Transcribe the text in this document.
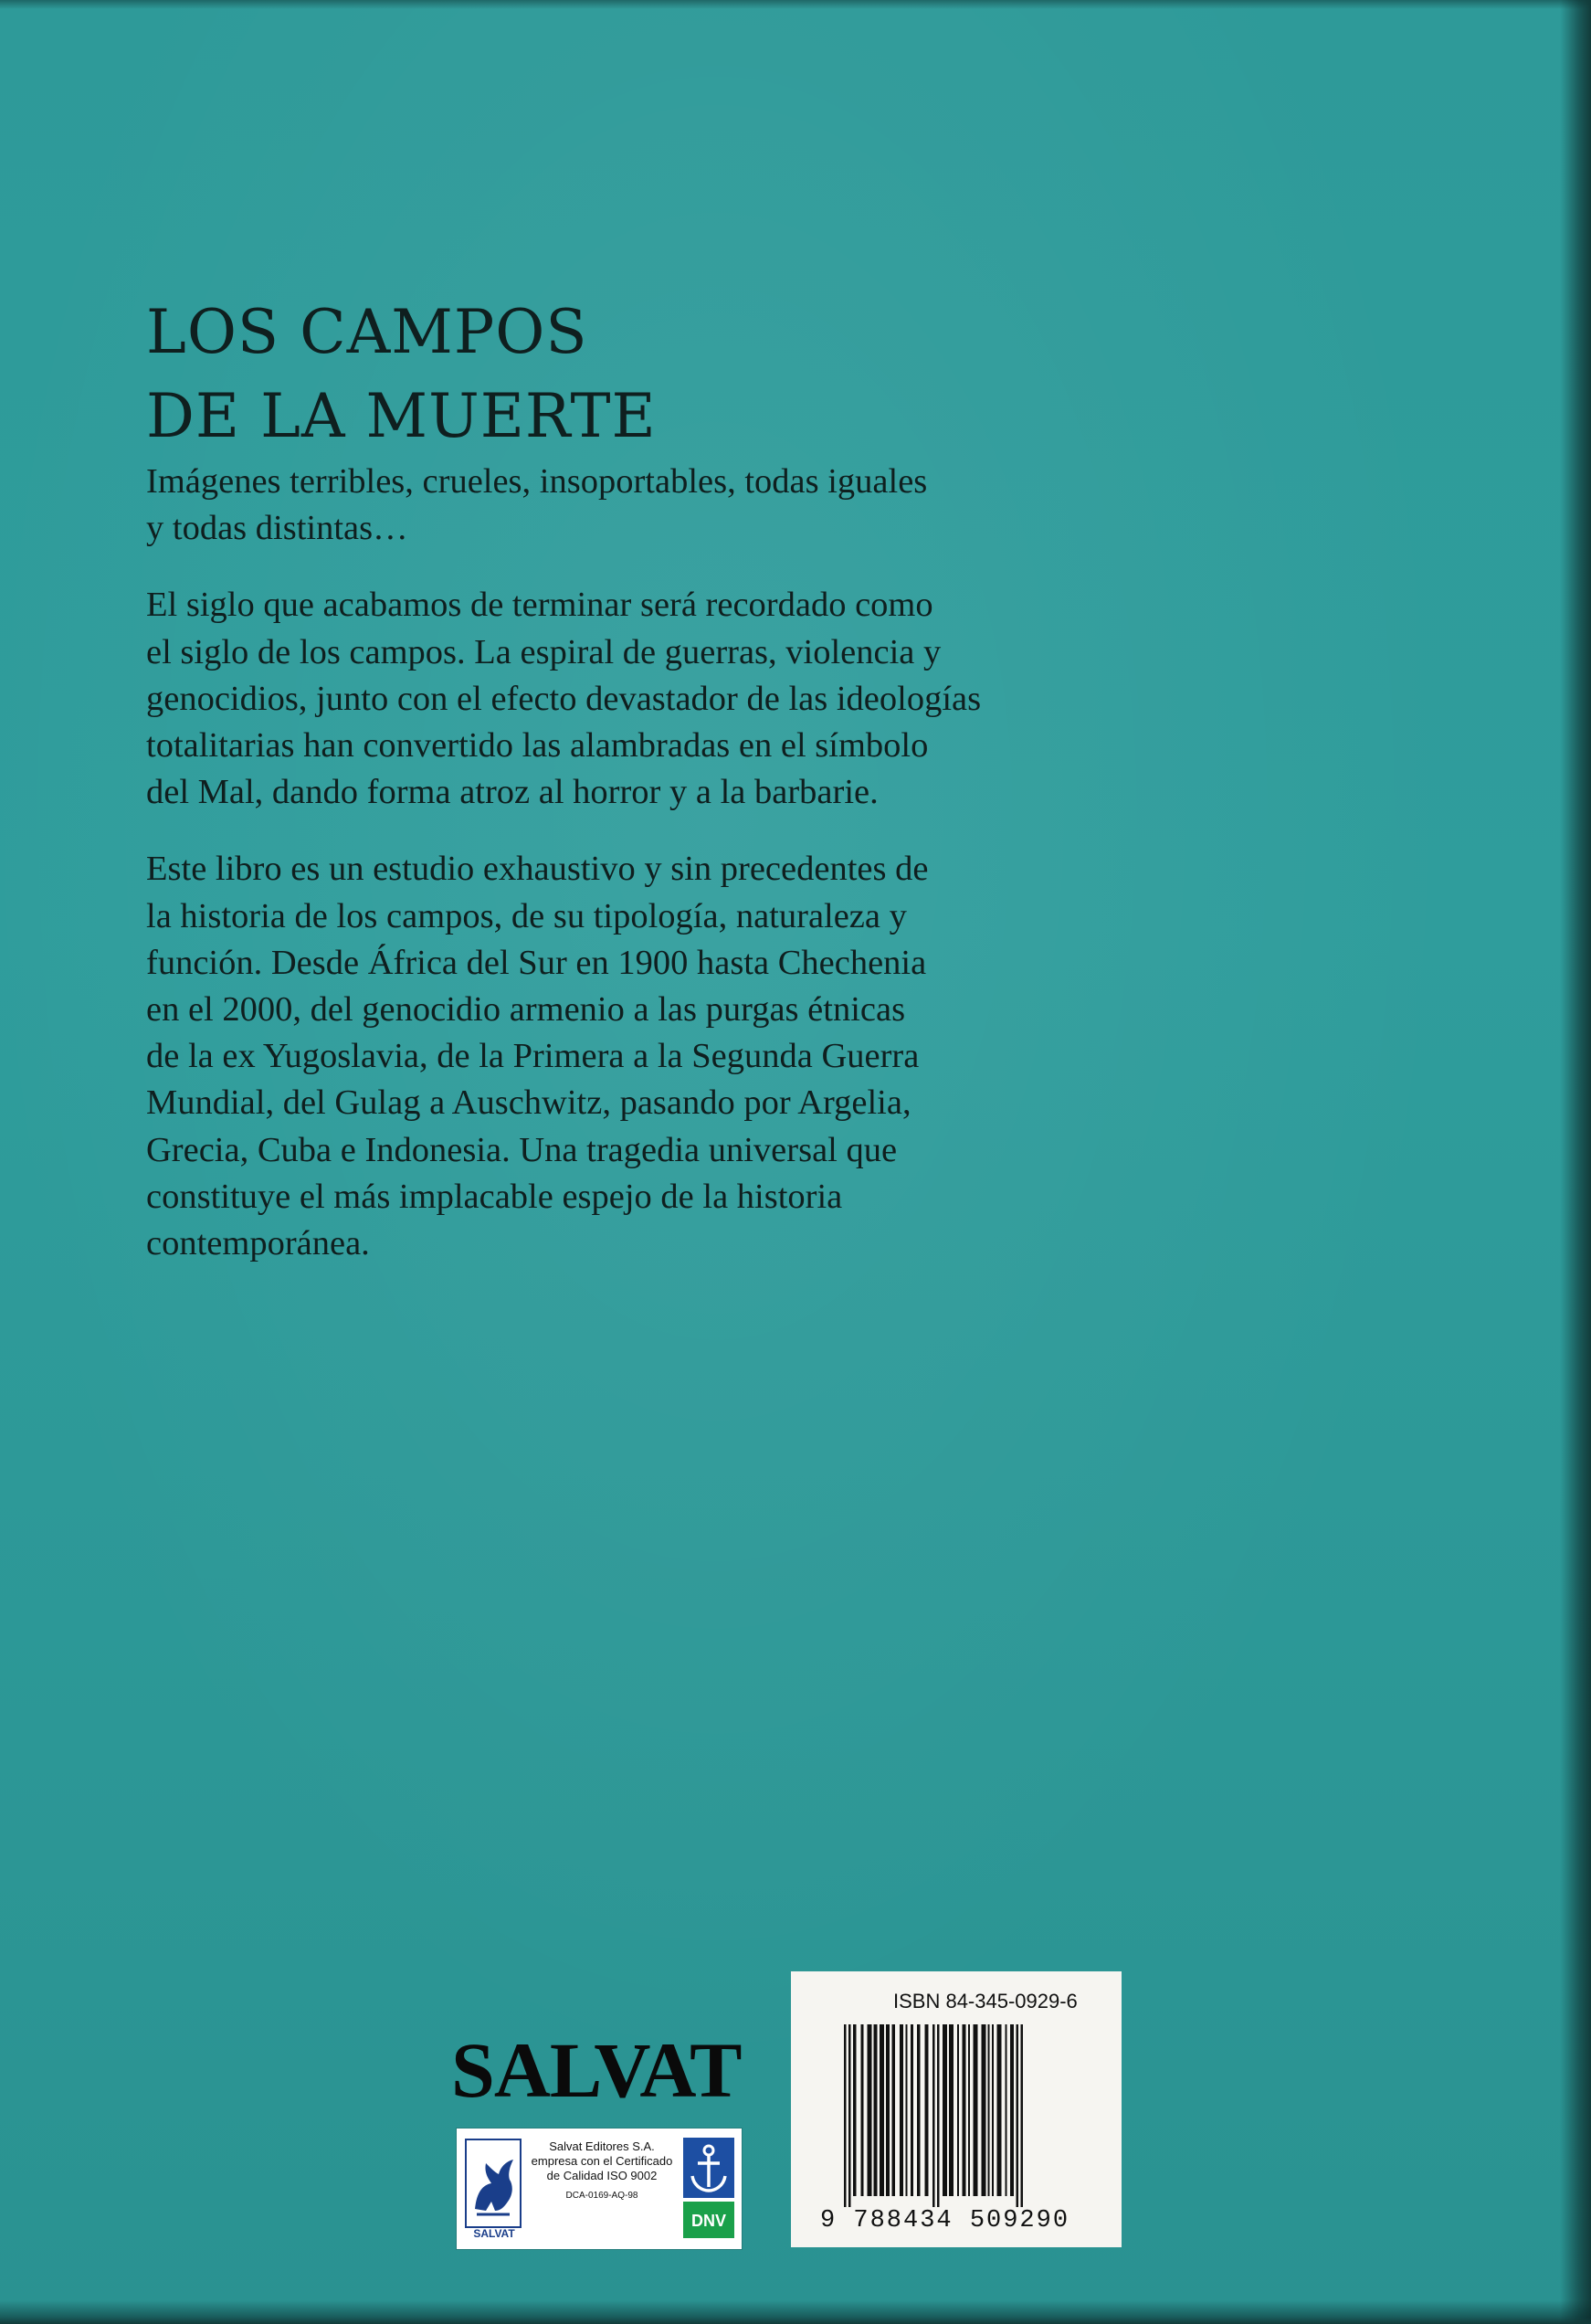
LOS CAMPOS
DE LA MUERTE

Imágenes terribles, crueles, insoportables, todas iguales
y todas distintas…

El siglo que acabamos de terminar será recordado como
el siglo de los campos. La espiral de guerras, violencia y
genocidios, junto con el efecto devastador de las ideologías
totalitarias han convertido las alambradas en el símbolo
del Mal, dando forma atroz al horror y a la barbarie.

Este libro es un estudio exhaustivo y sin precedentes de
la historia de los campos, de su tipología, naturaleza y
función. Desde África del Sur en 1900 hasta Chechenia
en el 2000, del genocidio armenio a las purgas étnicas
de la ex Yugoslavia, de la Primera a la Segunda Guerra
Mundial, del Gulag a Auschwitz, pasando por Argelia,
Grecia, Cuba e Indonesia. Una tragedia universal que
constituye el más implacable espejo de la historia
contemporánea.

SALVAT
SALVAT
Salvat Editores S.A.
empresa con el Certificado
de Calidad ISO 9002
DCA-0169-AQ-98
DNV
ISBN 84-345-0929-6
9 788434 509290
